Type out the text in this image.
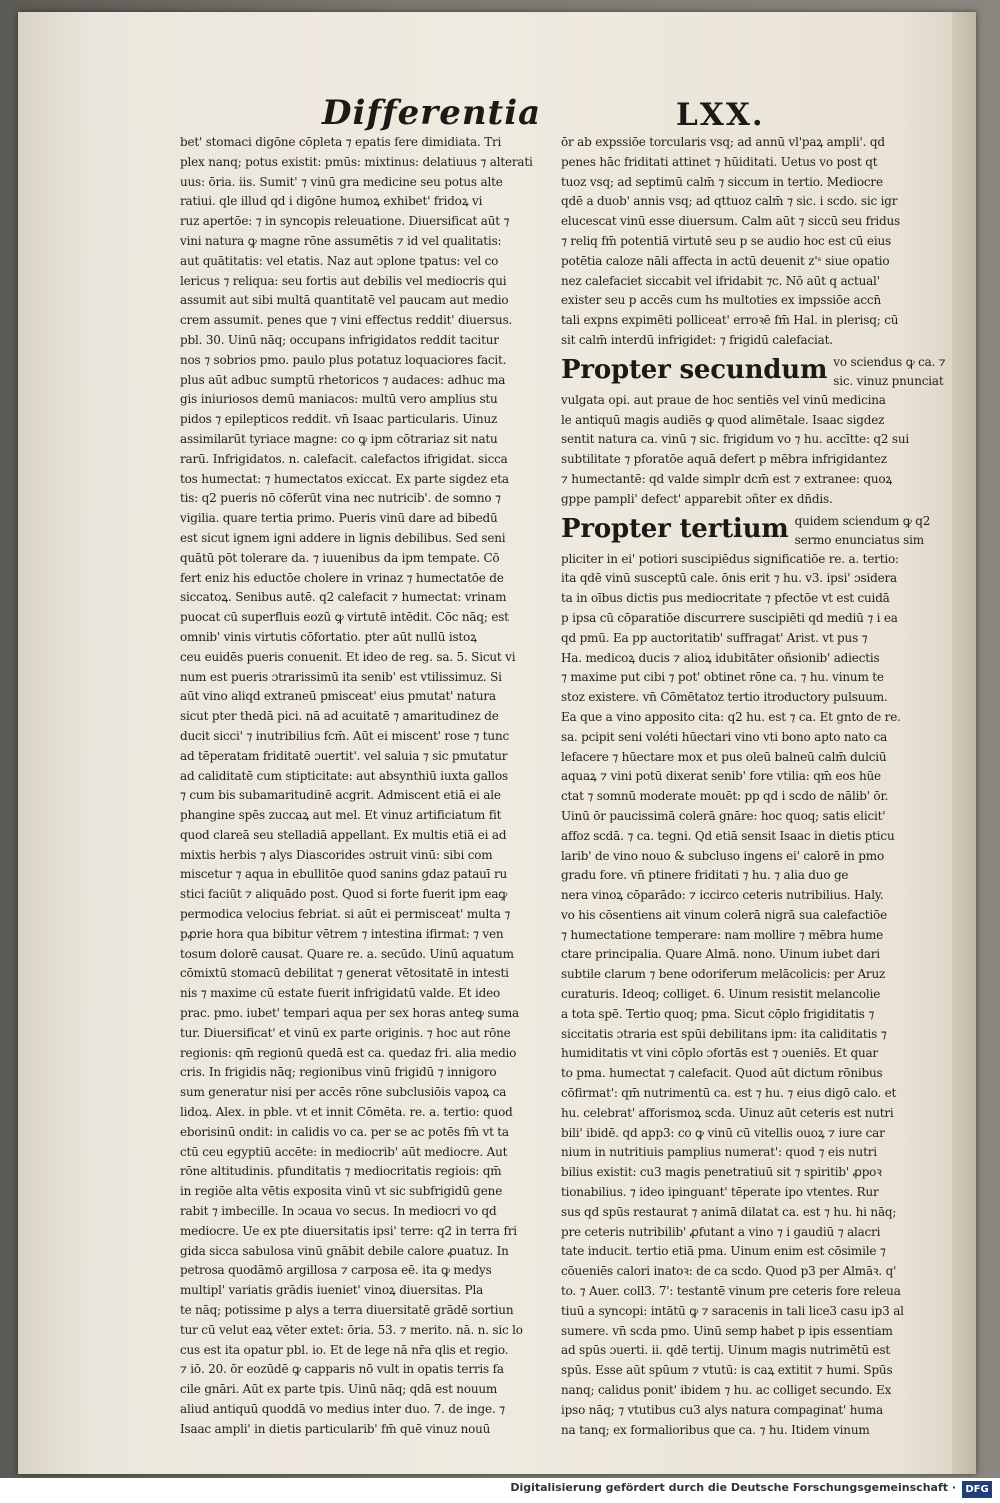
Differentia	LXX.
bet' stomaci digōne cōpleta ⁊ epatis fere dimidiata. Tri
plex nanq; potus existit: pmūs: mixtinus: delatiuus ⁊ alterati
uus: ōria. iis. Sumit' ⁊ vinū gra medicine seu potus alte
ratiui. qle illud qd i digōne humoꝝ exhibet' fridoꝝ vi
ruz apertōe: ⁊ in syncopis releuatione. Diuersificat aūt ⁊
vini natura ꝙ magne rōne assumētis ⁊ id vel qualitatis:
aut quātitatis: vel etatis. Naz aut ɔplone tpatus: vel co
lericus ⁊ reliqua: seu fortis aut debilis vel mediocris qui
assumit aut sibi multā quantitatē vel paucam aut medio
crem assumit. penes que ⁊ vini effectus reddit' diuersus.
pbl. 30. Uinū nāq; occupans infrigidatos reddit tacitur
nos ⁊ sobrios pmo. paulo plus potatuz loquaciores facit.
plus aūt adbuc sumptū rhetoricos ⁊ audaces: adhuc ma
gis iniuriosos demū maniacos: multū vero amplius stu
pidos ⁊ epilepticos reddit. vn̄ Isaac particularis. Uinuz
assimilarūt tyriace magne: co ꝙ ipm cōtrariaz sit natu
rarū. Infrigidatos. n. calefacit. calefactos ifrigidat. sicca
tos humectat: ⁊ humectatos exiccat. Ex parte sigdez eta
tis: q2 pueris nō cōferūt vina nec nutricib'. de somno ⁊
vigilia. quare tertia primo. Pueris vinū dare ad bibedū
est sicut ignem igni addere in lignis debilibus. Sed seni
quātū pōt tolerare da. ⁊ iuuenibus da ipm tempate. Cō
fert eniz his eductōe cholere in vrinaz ⁊ humectatōe de
siccatoꝝ. Senibus autē. q2 calefacit ⁊ humectat: vrinam
puocat cū superfluis eozū ꝙ virtutē intēdit. Cōc nāq; est
omnib' vinis virtutis cōfortatio. pter aūt nullū istoꝝ
ceu euidēs pueris conuenit. Et ideo de reg. sa. 5. Sicut vi
num est pueris ɔtrarissimū ita senib' est vtilissimuz. Si
aūt vino aliqd extraneū pmisceat' eius pmutat' natura
sicut pter thedā pici. nā ad acuitatē ⁊ amaritudinez de
ducit sicci' ⁊ inutribilius fcm̄. Aūt ei miscent' rose ⁊ tunc
ad tēperatam friditatē ɔuertit'. vel saluia ⁊ sic pmutatur
ad caliditatē cum stipticitate: aut absynthiū iuxta gallos
⁊ cum bis subamaritudinē acgrit. Admiscent etiā ei ale
phangine spēs zuccaꝝ aut mel. Et vinuz artificiatum fit
quod clareā seu stelladiā appellant. Ex multis etiā ei ad
mixtis herbis ⁊ alys Diascorides ɔstruit vinū: sibi com
miscetur ⁊ aqua in ebullitōe quod sanins gdaz patauī ru
stici faciūt ⁊ aliquādo post. Quod si forte fuerit ipm eaꝙ
permodica velocius febriat. si aūt ei permisceat' multa ⁊
pꝓrie hora qua bibitur vētrem ⁊ intestina ifirmat: ⁊ ven
tosum dolorē causat. Quare re. a. secūdo. Uinū aquatum
cōmixtū stomacū debilitat ⁊ generat vētositatē in intesti
nis ⁊ maxime cū estate fuerit infrigidatū valde. Et ideo
prac. pmo. iubet' tempari aqua per sex horas anteꝙ suma
tur. Diuersificat' et vinū ex parte originis. ⁊ hoc aut rōne
regionis: qm̄ regionū quedā est ca. quedaz fri. alia medio
cris. In frigidis nāq; regionibus vinū frigidū ⁊ innigoro
sum generatur nisi per accēs rōne subclusiōis vapoꝝ ca
lidoꝝ. Alex. in pble. vt et innit Cōmēta. re. a. tertio: quod
eborisinū ondit: in calidis vo ca. per se ac potēs fm̄ vt ta
ctū ceu egyptiū accēte: in mediocrib' aūt mediocre. Aut
rōne altitudinis. pfunditatis ⁊ mediocritatis regiois: qm̄
in regiōe alta vētis exposita vinū vt sic subfrigidū gene
rabit ⁊ imbecille. In ɔcaua vo secus. In mediocri vo qd
mediocre. Ue ex pte diuersitatis ipsi' terre: q2 in terra fri
gida sicca sabulosa vinū gnābit debile calore ꝓuatuz. In
petrosa quodāmō argillosa ⁊ carposa eē. ita ꝙ medys
multipl' variatis grādis iueniet' vinoꝝ diuersitas. Pla
te nāq; potissime p alys a terra diuersitatē grādē sortiun
tur cū velut eaꝝ vēter extet: ōria. 53. ⁊ merito. nā. n. sic lo
cus est ita opatur pbl. io. Et de lege nā nr̄a qlis et regio.
⁊ iō. 20. ōr eozūdē ꝙ capparis nō vult in opatis terris fa
cile gnāri. Aūt ex parte tpis. Uinū nāq; qdā est nouum
aliud antiquū quoddā vo medius inter duo. 7. de inge. ⁊
Isaac ampli' in dietis particularib' fm̄ quē vinuz nouū
ōr ab expssiōe torcularis vsq; ad annū vl'paꝝ ampli'. qd
penes hāc friditati attinet ⁊ hūiditati. Uetus vo post qt
tuoz vsq; ad septimū calm̄ ⁊ siccum in tertio. Mediocre
qdē a duob' annis vsq; ad qttuoz calm̄ ⁊ sic. i scdo. sic igr
elucescat vinū esse diuersum. Calm aūt ⁊ siccū seu fridus
⁊ reliq fm̄ potentiā virtutē seu p se audio hoc est cū eius
potētia caloze nāli affecta in actū deuenit z'ˢ siue opatio
nez calefaciet siccabit vel ifridabit ⁊c. Nō aūt q actual'
exister seu p accēs cum hs multoties ex impssiōe accn̄
tali expns expimēti polliceat' erroꝛē fm̄ Hal. in plerisq; cū
sit calm̄ interdū infrigidet: ⁊ frigidū calefaciat.
Propter secundum vo sciendus ꝙ ca. ⁊
sic. vinuz pnunciat
vulgata opi. aut praue de hoc sentiēs vel vinū medicina
le antiquū magis audiēs ꝙ quod alimētale. Isaac sigdez
sentit natura ca. vinū ⁊ sic. frigidum vo ⁊ hu. accītte: q2 sui
subtilitate ⁊ pforatōe aquā defert p mēbra infrigidantez
⁊ humectantē: qd valde simplr dcm̄ est ⁊ extranee: quoꝝ
gppe pampli' defect' apparebit ɔñter ex dn̄dis.
Propter tertium quidem sciendum ꝙ q2
sermo enunciatus sim
pliciter in ei' potiori suscipiēdus significatiōe re. a. tertio:
ita qdē vinū susceptū cale. ōnis erit ⁊ hu. v3. ipsi' ɔsidera
ta in oībus dictis pus mediocritate ⁊ pfectōe vt est cuidā
p ipsa cū cōparatiōe discurrere suscipiēti qd mediū ⁊ i ea
qd pmū. Ea pp auctoritatib' suffragat' Arist. vt pus ⁊
Ha. medicoꝝ ducis ⁊ alioꝝ idubitāter oñsionib' adiectis
⁊ maxime put cibi ⁊ pot' obtinet rōne ca. ⁊ hu. vinum te
stoz existere. vn̄ Cōmētatoz tertio itroductory pulsuum.
Ea que a vino apposito cita: q2 hu. est ⁊ ca. Et gnto de re.
sa. pcipit seni voléti hūectari vino vti bono apto nato ca
lefacere ⁊ hūectare mox et pus oleū balneū calm̄ dulciū
aquaꝝ ⁊ vini potū dixerat senib' fore vtilia: qm̄ eos hūe
ctat ⁊ somnū moderate mouēt: pp qd i scdo de nālib' ōr.
Uinū ōr paucissimā colerā gnāre: hoc quoq; satis elicit'
affoz scdā. ⁊ ca. tegni. Qd etiā sensit Isaac in dietis pticu
larib' de vino nouo & subcluso ingens ei' calorē in pmo
gradu fore. vn̄ ptinere friditati ⁊ hu. ⁊ alia duo ge
nera vinoꝝ cōparādo: ⁊ iccirco ceteris nutribilius. Haly.
vo his cōsentiens ait vinum colerā nigrā sua calefactiōe
⁊ humectatione temperare: nam mollire ⁊ mēbra hume
ctare principalia. Quare Almā. nono. Uinum iubet dari
subtile clarum ⁊ bene odoriferum melācolicis: per Aruz
curaturis. Ideoq; colliget. 6. Uinum resistit melancolie
a tota spē. Tertio quoq; pma. Sicut cōplo frigiditatis ⁊
siccitatis ɔtraria est spūi debilitans ipm: ita caliditatis ⁊
humiditatis vt vini cōplo ɔfortās est ⁊ ɔueniēs. Et quar
to pma. humectat ⁊ calefacit. Quod aūt dictum rōnibus
cōfirmat': qm̄ nutrimentū ca. est ⁊ hu. ⁊ eius digō calo. et
hu. celebrat' afforismoꝝ scda. Uinuz aūt ceteris est nutri
bili' ibidē. qd app3: co ꝙ vinū cū vitellis ouoꝝ ⁊ iure car
nium in nutritiuis pamplius numerat': quod ⁊ eis nutri
bilius existit: cu3 magis penetratiuū sit ⁊ spiritib' ꝓpoꝛ
tionabilius. ⁊ ideo ipinguant' tēperate ipo vtentes. Rur
sus qd spūs restaurat ⁊ animā dilatat ca. est ⁊ hu. hi nāq;
pre ceteris nutribilib' ꝓfutant a vino ⁊ i gaudiū ⁊ alacri
tate inducit. tertio etiā pma. Uinum enim est cōsimile ⁊
cōueniēs calori inatoꝛ: de ca scdo. Quod p3 per Almāꝛ. q'
to. ⁊ Auer. coll3. 7': testantē vinum pre ceteris fore releua
tiuū a syncopi: intātū ꝙ ⁊ saracenis in tali lice3 casu ip3 al
sumere. vn̄ scda pmo. Uinū semp habet p ipis essentiam
ad spūs ɔuerti. ii. qdē tertij. Uinum magis nutrimētū est
spūs. Esse aūt spūum ⁊ vtutū: is caꝝ extitit ⁊ humi. Spūs
nanq; calidus ponit' ibidem ⁊ hu. ac colliget secundo. Ex
ipso nāq; ⁊ vtutibus cu3 alys natura compaginat' huma
na tanq; ex formalioribus que ca. ⁊ hu. Itidem vinum
Digitalisierung gefördert durch die Deutsche Forschungsgemeinschaft · DFG
